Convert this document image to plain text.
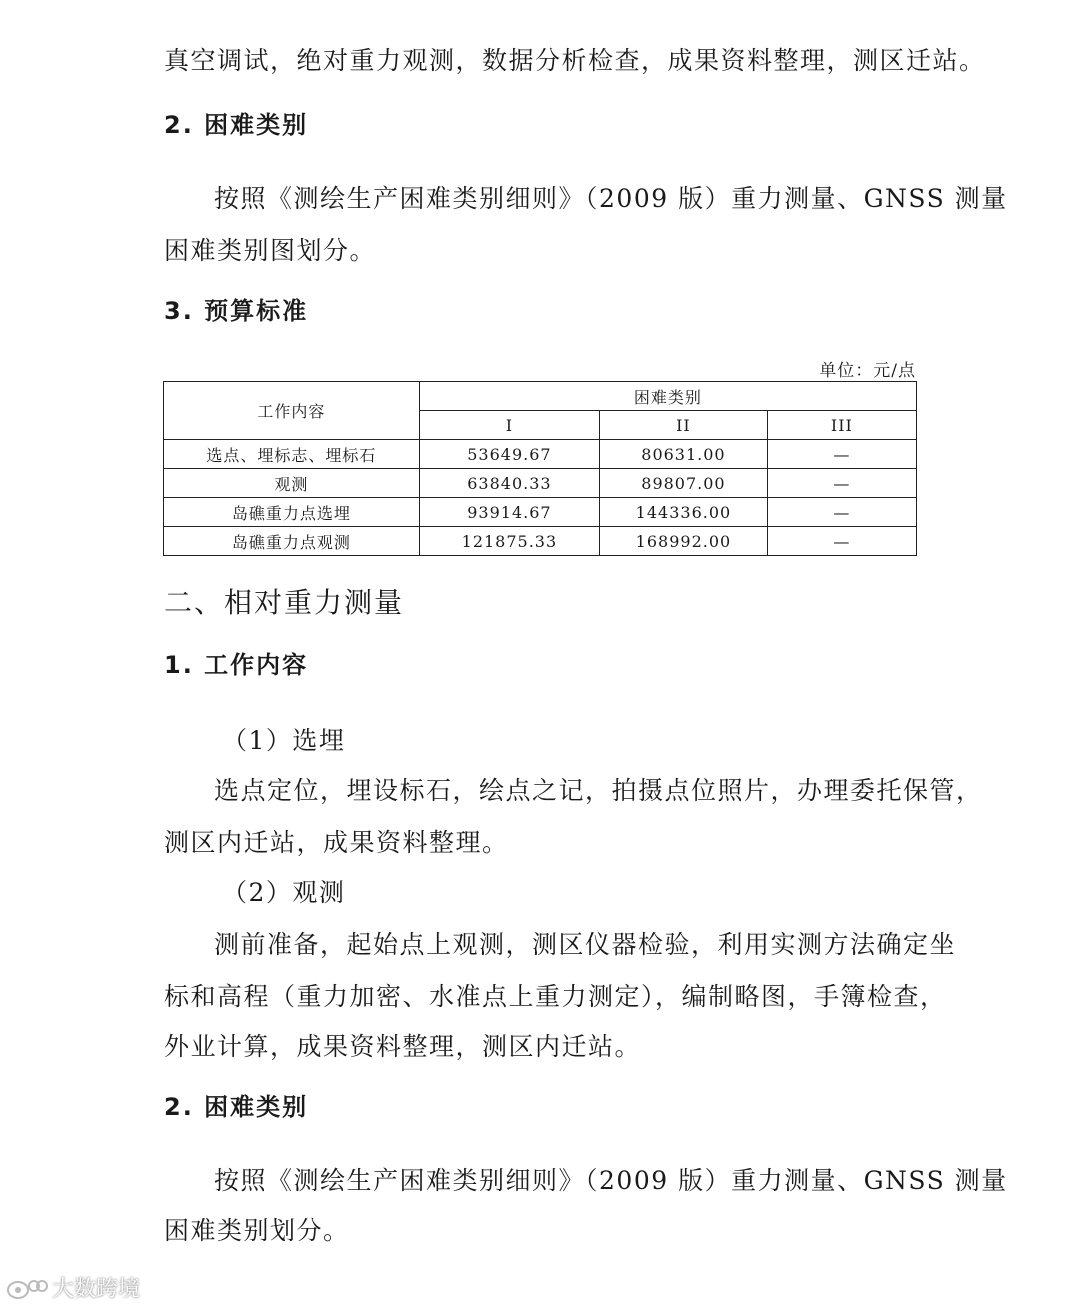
真空调试，绝对重力观测，数据分析检查，成果资料整理，测区迁站。
2. 困难类别
按照《测绘生产困难类别细则》（2009 版）重力测量、GNSS 测量
困难类别图划分。
3. 预算标准
单位：元/点
工作内容	困难类别		
	I	II	III
选点、埋标志、埋标石	53649.67	80631.00	—
观测	63840.33	89807.00	—
岛礁重力点选埋	93914.67	144336.00	—
岛礁重力点观测	121875.33	168992.00	—
二、相对重力测量
1. 工作内容
（1）选埋
选点定位，埋设标石，绘点之记，拍摄点位照片，办理委托保管，
测区内迁站，成果资料整理。
（2）观测
测前准备，起始点上观测，测区仪器检验，利用实测方法确定坐
标和高程（重力加密、水准点上重力测定），编制略图，手簿检查，
外业计算，成果资料整理，测区内迁站。
2. 困难类别
按照《测绘生产困难类别细则》（2009 版）重力测量、GNSS 测量
困难类别划分。
大数跨境
